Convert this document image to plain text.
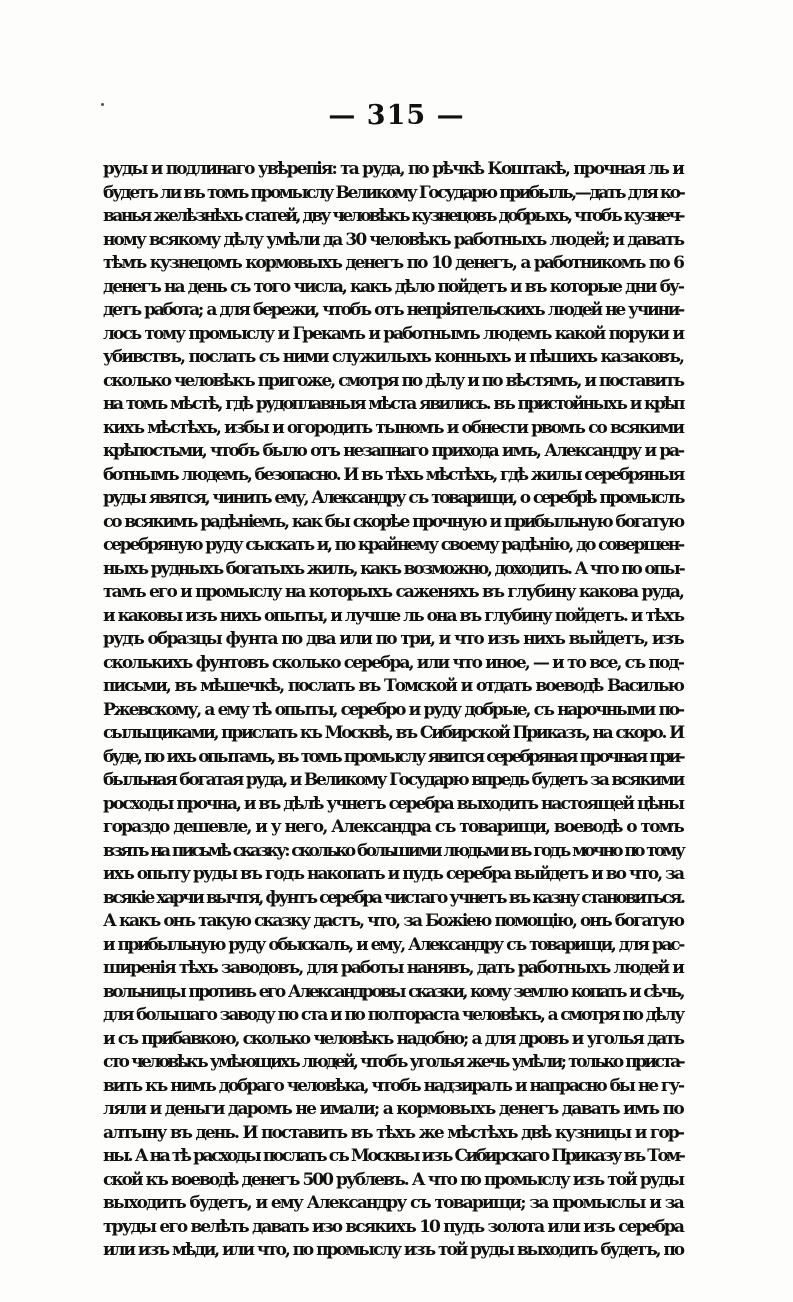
— 315 —
руды и подлинаго увѣрепія: та руда, по рѣчкѣ Коштакѣ, прочная ль и
будетъ ли въ томъ промыслу Великому Государю прибыль,—дать для ко-
ванья желѣзнѣхъ статей, дву человѣкъ кузнецовъ добрыхъ, чтобъ кузнеч-
ному всякому дѣлу умѣли да 30 человѣкъ работныхъ людей; и давать
тѣмъ кузнецомъ кормовыхъ денегъ по 10 денегъ, а работникомъ по 6
денегъ на день съ того числа, какъ дѣло пойдетъ и въ которые дни бу-
детъ работа; а для бережи, чтобъ отъ непрiятельскихъ людей не учини-
лось тому промыслу и Грекамъ и работнымъ людемъ какой поруки и
убивствъ, послать съ ними служилыхъ конныхъ и пѣшихъ казаковъ,
сколько человѣкъ пригоже, смотря по дѣлу и по вѣстямъ, и поставить
на томъ мѣстѣ, гдѣ рудоплавныя мѣста явились. въ пристойныхъ и крѣп
кихъ мѣстѣхъ, избы и огородить тыномъ и обнести рвомъ со всякими
крѣпостьми, чтобъ было отъ незапнаго прихода имъ, Александру и ра-
ботнымъ людемъ, безопасно. И въ тѣхъ мѣстѣхъ, гдѣ жилы серебряныя
руды явятся, чинить ему, Александру съ товарищи, о серебрѣ промыслъ
со всякимъ радѣнiемъ, как бы скорѣе прочную и прибыльную богатую
серебряную руду сыскать и, по крайнему своему радѣнiю, до совершен-
ныхъ рудныхъ богатыхъ жилъ, какъ возможно, доходить. А что по опы-
тамъ его и промыслу на которыхъ саженяхъ въ глубину какова руда,
и каковы изъ нихъ опыты, и лучше ль она въ глубину пойдетъ. и тѣхъ
рудъ образцы фунта по два или по три, и что изъ нихъ выйдетъ, изъ
сколькихъ фунтовъ сколько серебра, или что иное, — и то все, съ под-
письми, въ мѣшечкѣ, послать въ Томской и отдать воеводѣ Василью
Ржевскому, а ему тѣ опыты, серебро и руду добрые, съ нарочными по-
сыльщиками, прислать къ Москвѣ, въ Сибирской Приказъ, на скоро. И
буде, по ихъ опытамъ, въ томъ промыслу явится серебряная прочная при-
быльная богатая руда, и Великому Государю впредь будетъ за всякими
росходы прочна, и въ дѣлѣ учнетъ серебра выходить настоящей цѣны
гораздо дешевле, и у него, Александра съ товарищи, воеводѣ о томъ
взять на письмѣ сказку: сколько большими людьми въ годъ мочно по тому
ихъ опыту руды въ годъ накопать и пудъ серебра выйдетъ и во что, за
всякiе харчи вычтя, фунтъ серебра чистаго учнетъ въ казну становиться.
А какъ онъ такую сказку дастъ, что, за Божiею помощiю, онъ богатую
и прибыльную руду обыскалъ, и ему, Александру съ товарищи, для рас-
ширенiя тѣхъ заводовъ, для работы нанявъ, дать работныхъ людей и
вольницы противъ его Александровы сказки, кому землю копать и сѣчь,
для большаго заводу по ста и по полтораста человѣкъ, а смотря по дѣлу
и съ прибавкою, сколько человѣкъ надобно; а для дровъ и уголья дать
сто человѣкъ умѣющихъ людей, чтобъ уголья жечь умѣли; только приста-
вить къ нимъ добраго человѣка, чтобъ надзиралъ и напрасно бы не гу-
ляли и деньги даромъ не имали; а кормовыхъ денегъ давать имъ по
алтыну въ день. И поставить въ тѣхъ же мѣстѣхъ двѣ кузницы и гор-
ны. А на тѣ расходы послать съ Москвы изъ Сибирскаго Приказу въ Том-
ской къ воеводѣ денегъ 500 рублевъ. А что по промыслу изъ той руды
выходить будетъ, и ему Александру съ товарищи; за промыслы и за
труды его велѣть давать изо всякихъ 10 пудъ золота или изъ серебра
или изъ мѣди, или что, по промыслу изъ той руды выходить будетъ, по
